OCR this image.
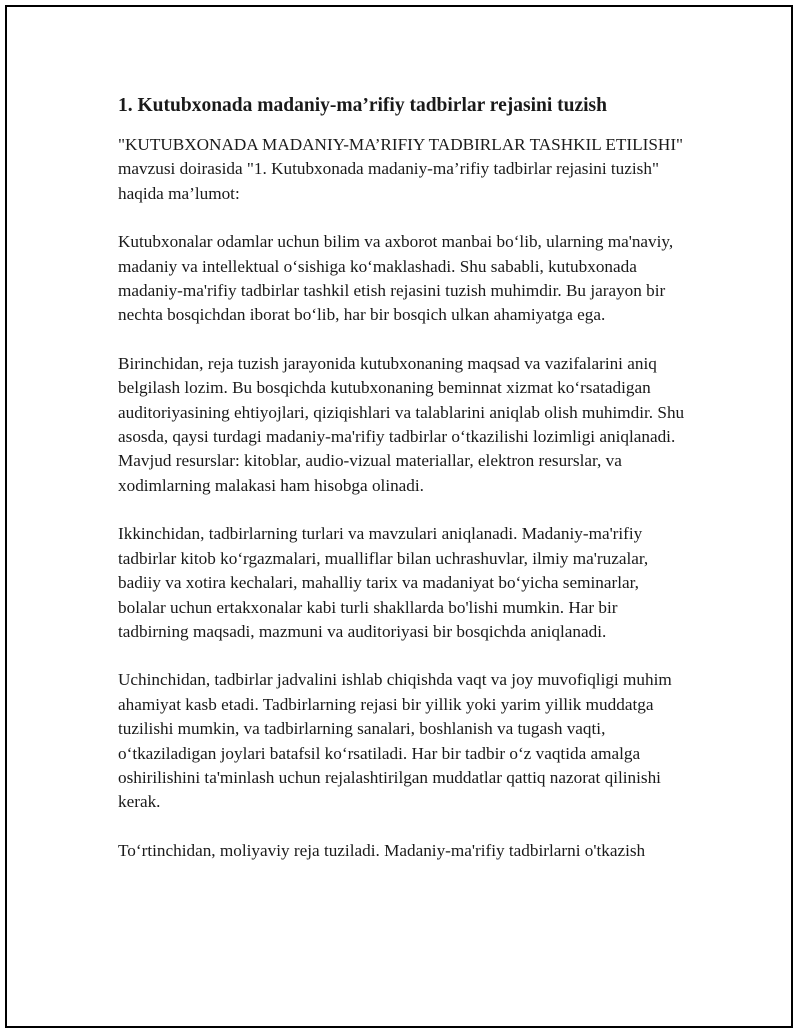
1. Kutubxonada madaniy-ma’rifiy tadbirlar rejasini tuzish

"KUTUBXONADA MADANIY-MA’RIFIY TADBIRLAR TASHKIL ETILISHI" mavzusi doirasida "1. Kutubxonada madaniy-ma’rifiy tadbirlar rejasini tuzish" haqida ma’lumot:

Kutubxonalar odamlar uchun bilim va axborot manbai bo‘lib, ularning ma'naviy, madaniy va intellektual o‘sishiga ko‘maklashadi. Shu sababli, kutubxonada madaniy-ma'rifiy tadbirlar tashkil etish rejasini tuzish muhimdir. Bu jarayon bir nechta bosqichdan iborat bo‘lib, har bir bosqich ulkan ahamiyatga ega.

Birinchidan, reja tuzish jarayonida kutubxonaning maqsad va vazifalarini aniq belgilash lozim. Bu bosqichda kutubxonaning beminnat xizmat ko‘rsatadigan auditoriyasining ehtiyojlari, qiziqishlari va talablarini aniqlab olish muhimdir. Shu asosda, qaysi turdagi madaniy-ma'rifiy tadbirlar o‘tkazilishi lozimligi aniqlanadi. Mavjud resurslar: kitoblar, audio-vizual materiallar, elektron resurslar, va xodimlarning malakasi ham hisobga olinadi.

Ikkinchidan, tadbirlarning turlari va mavzulari aniqlanadi. Madaniy-ma'rifiy tadbirlar kitob ko‘rgazmalari, mualliflar bilan uchrashuvlar, ilmiy ma'ruzalar, badiiy va xotira kechalari, mahalliy tarix va madaniyat bo‘yicha seminarlar, bolalar uchun ertakxonalar kabi turli shakllarda bo'lishi mumkin. Har bir tadbirning maqsadi, mazmuni va auditoriyasi bir bosqichda aniqlanadi.

Uchinchidan, tadbirlar jadvalini ishlab chiqishda vaqt va joy muvofiqligi muhim ahamiyat kasb etadi. Tadbirlarning rejasi bir yillik yoki yarim yillik muddatga tuzilishi mumkin, va tadbirlarning sanalari, boshlanish va tugash vaqti, o‘tkaziladigan joylari batafsil ko‘rsatiladi. Har bir tadbir o‘z vaqtida amalga oshirilishini ta'minlash uchun rejalashtirilgan muddatlar qattiq nazorat qilinishi kerak.

To‘rtinchidan, moliyaviy reja tuziladi. Madaniy-ma'rifiy tadbirlarni o'tkazish
